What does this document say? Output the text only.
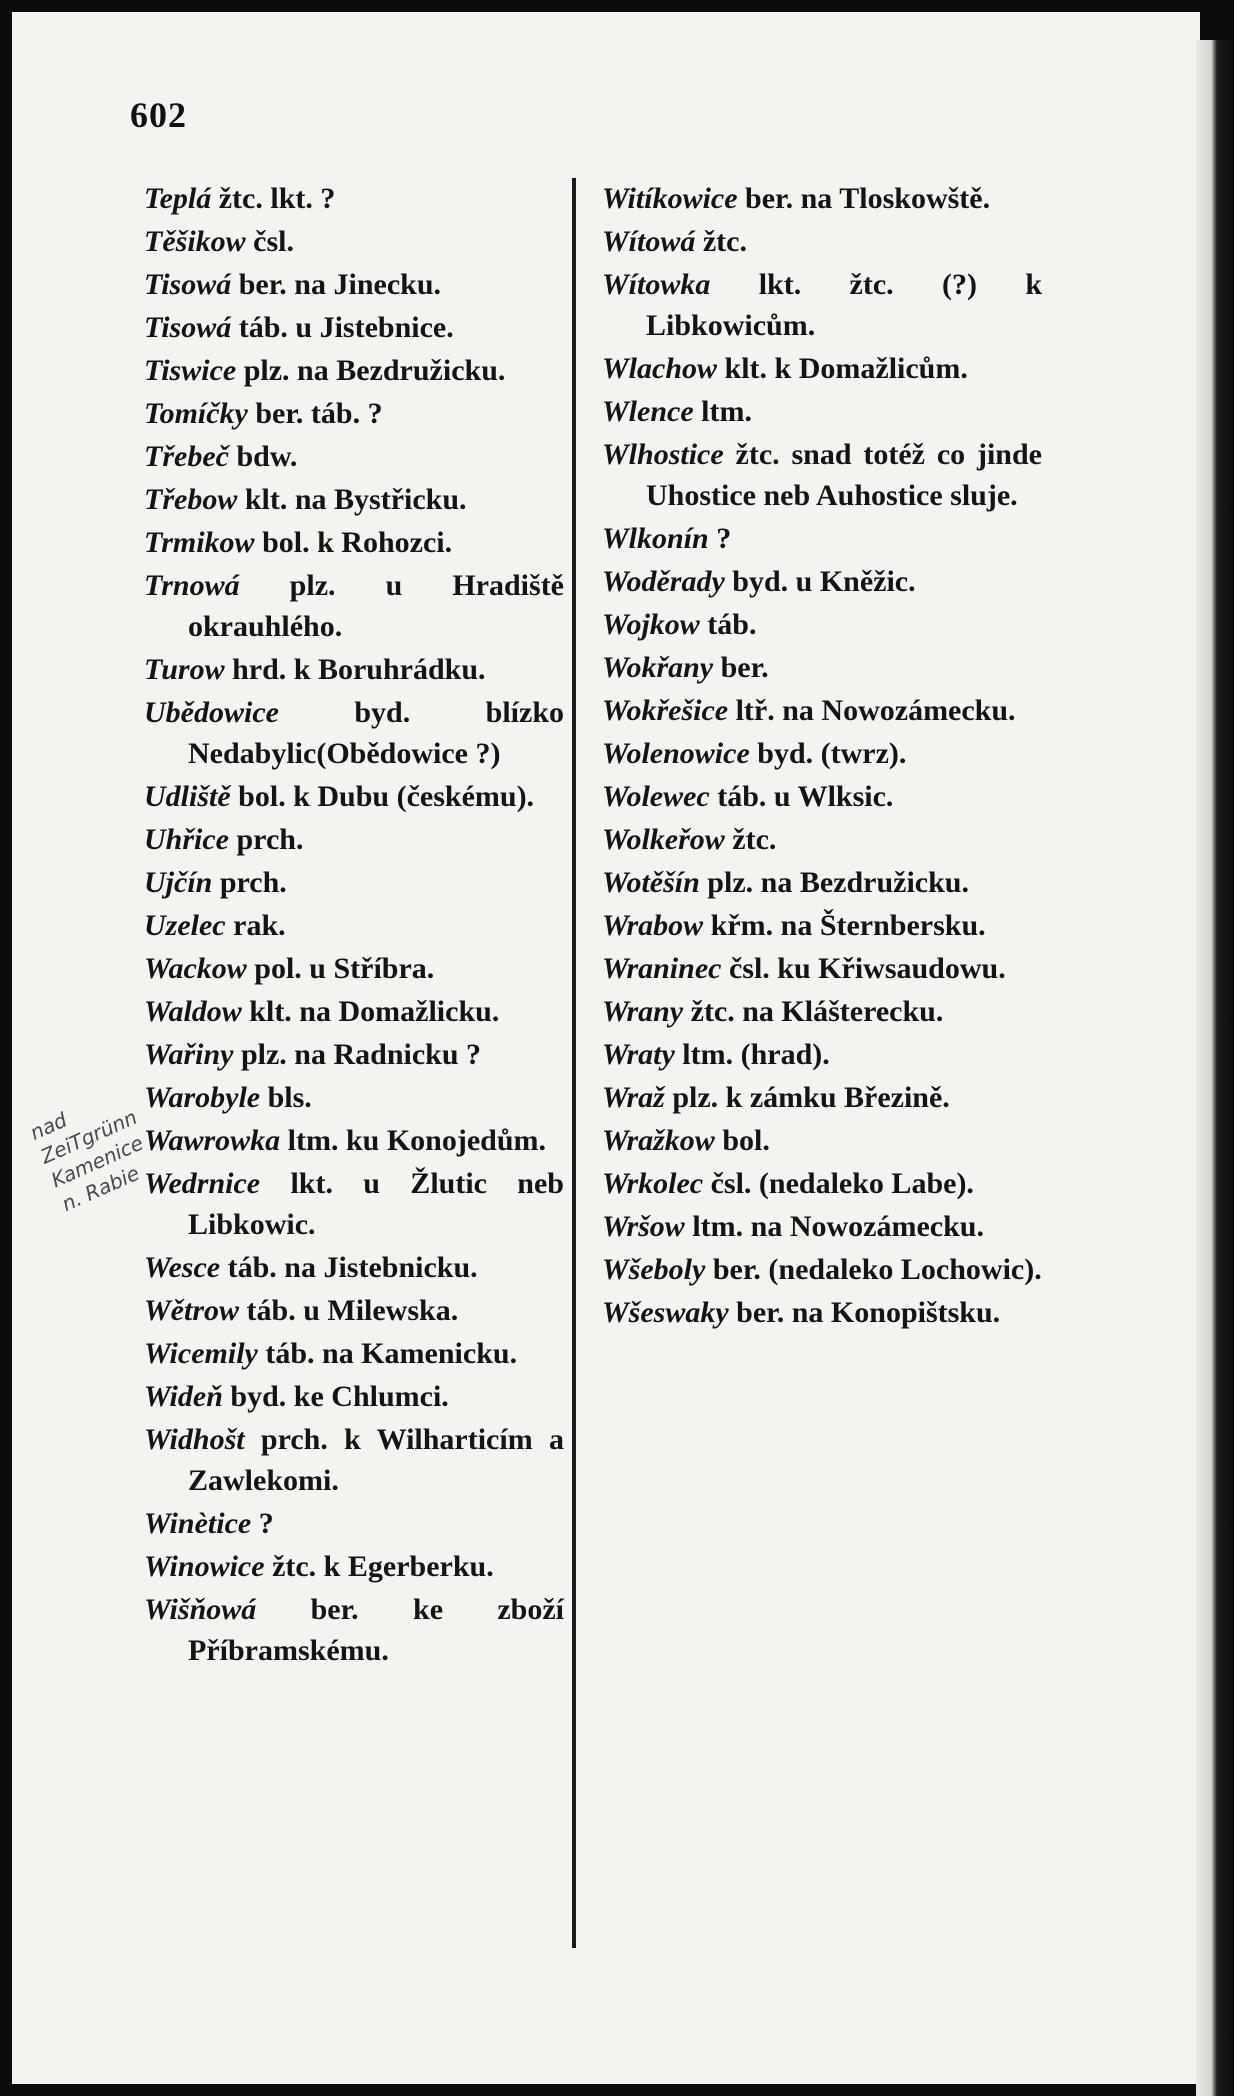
602
nad
ZeiTgrünn
Kamenice
n. Rabie

Teplá žtc. lkt. ?

Těšikow čsl.

Tisowá ber. na Jinecku.

Tisowá táb. u Jistebnice.

Tiswice plz. na Bezdružicku.

Tomíčky ber. táb. ?

Třebeč bdw.

Třebow klt. na Bystřicku.

Trmikow bol. k Rohozci.

Trnowá plz. u Hradiště okrauhlého.

Turow hrd. k Boruhrádku.

Ubědowice	byd. blízko Nedabylic(Obědowice ?)

Udliště bol. k Dubu (českému).

Uhřice prch.

Ujčín prch.

Uzelec rak.

Wackow pol. u Stříbra.

Waldow klt. na Domažlicku.

Wařiny plz. na Radnicku ?

Warobyle bls.

Wawrowka ltm. ku Konojedům.

Wedrnice lkt. u Žlutic neb Libkowic.

Wesce táb. na Jistebnicku.

Wětrow táb. u Milewska.

Wicemily táb. na Kamenicku.

Wideň byd. ke Chlumci.

Widhošt prch. k Wilharticím a Zawlekomi.

Winètice ?

Winowice žtc. k Egerberku.

Wišňowá ber. ke zboží Příbramskému.

Witíkowice ber. na Tloskowště.

Wítowá žtc.

Wítowka lkt. žtc. (?) k Libkowicům.

Wlachow klt. k Domažlicům.

Wlence ltm.

Wlhostice žtc. snad totéž co jinde Uhostice neb Auhostice sluje.

Wlkonín ?

Woděrady byd. u Kněžic.

Wojkow táb.

Wokřany ber.

Wokřešice ltř. na Nowozámecku.

Wolenowice byd. (twrz).

Wolewec táb. u Wlksic.

Wolkeřow žtc.

Wotěšín plz. na Bezdružicku.

Wrabow křm. na Šternbersku.

Wraninec čsl. ku Křiwsaudowu.

Wrany žtc. na Klášterecku.

Wraty ltm. (hrad).

Wraž plz. k zámku Březině.

Wražkow bol.

Wrkolec čsl. (nedaleko Labe).

Wršow ltm. na Nowozámecku.

Wšeboly ber. (nedaleko Lochowic).

Wšeswaky ber. na Konopištsku.
